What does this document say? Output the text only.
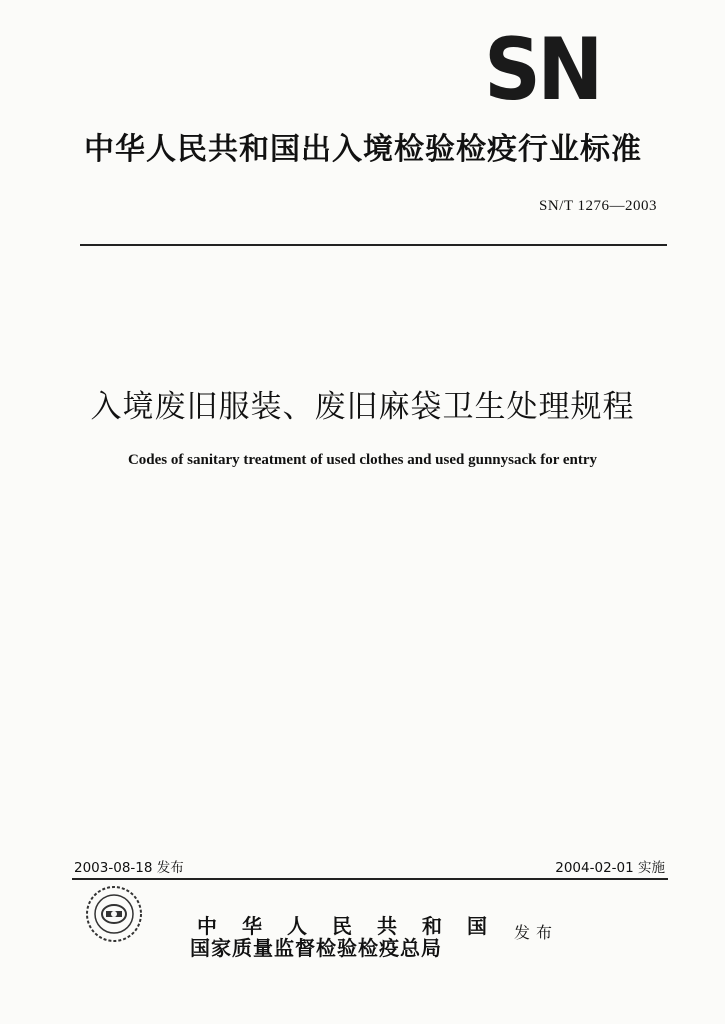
SN
中华人民共和国出入境检验检疫行业标准
SN/T 1276—2003
入境废旧服装、废旧麻袋卫生处理规程
Codes of sanitary treatment of used clothes and used gunnysack for entry
2003-08-18 发布	2004-02-01 实施
中华人民共和国
国家质量监督检验检疫总局
发布
